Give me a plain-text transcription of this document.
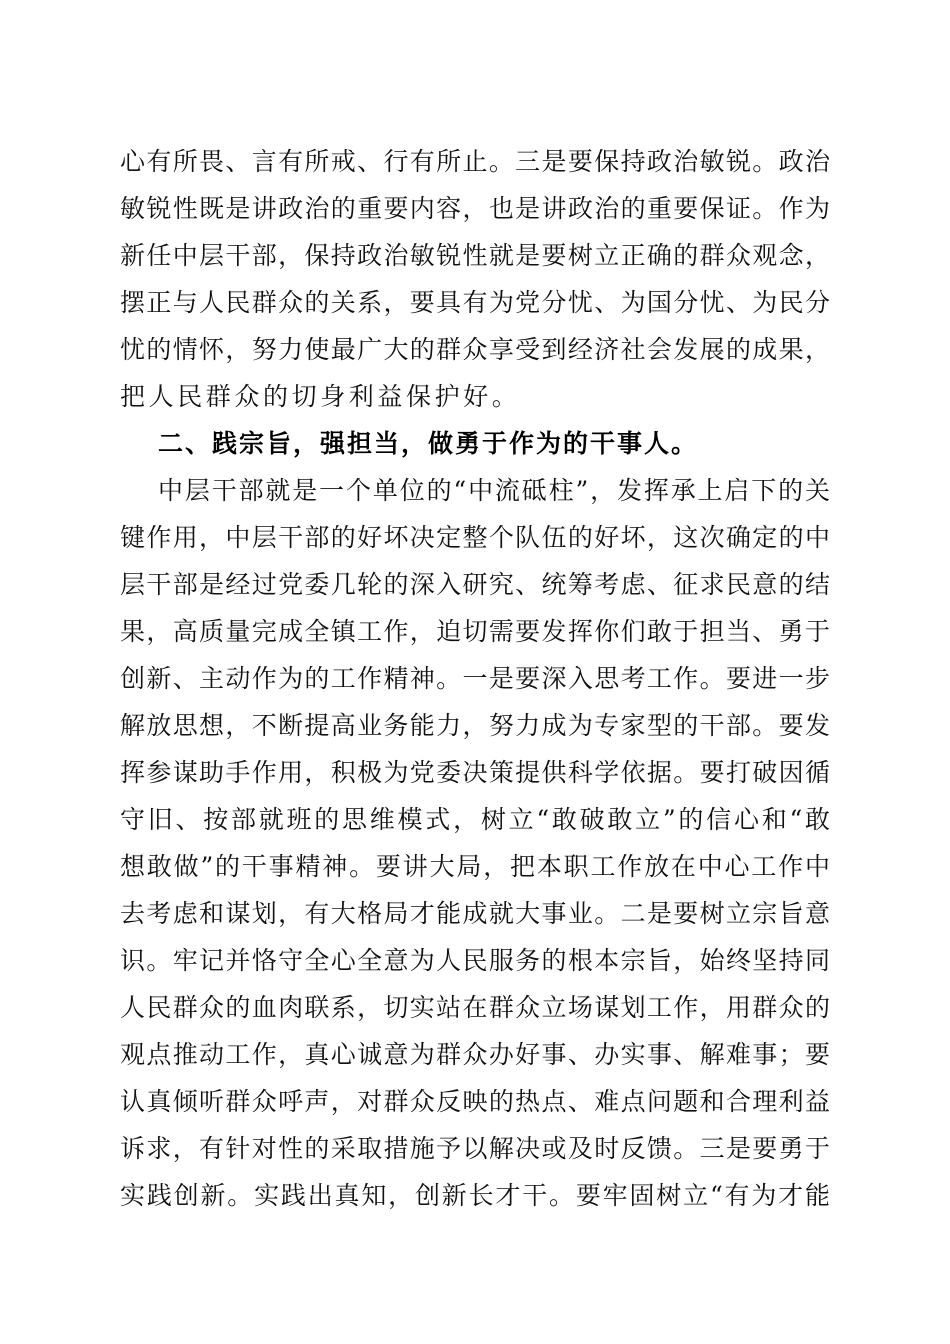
心有所畏、言有所戒、行有所止。三是要保持政治敏锐。政治
敏锐性既是讲政治的重要内容，也是讲政治的重要保证。作为
新任中层干部，保持政治敏锐性就是要树立正确的群众观念，
摆正与人民群众的关系，要具有为党分忧、为国分忧、为民分
忧的情怀，努力使最广大的群众享受到经济社会发展的成果，
把人民群众的切身利益保护好。
二、践宗旨，强担当，做勇于作为的干事人。
中层干部就是一个单位的“中流砥柱”，发挥承上启下的关
键作用，中层干部的好坏决定整个队伍的好坏，这次确定的中
层干部是经过党委几轮的深入研究、统筹考虑、征求民意的结
果，高质量完成全镇工作，迫切需要发挥你们敢于担当、勇于
创新、主动作为的工作精神。一是要深入思考工作。要进一步
解放思想，不断提高业务能力，努力成为专家型的干部。要发
挥参谋助手作用，积极为党委决策提供科学依据。要打破因循
守旧、按部就班的思维模式，树立“敢破敢立”的信心和“敢
想敢做”的干事精神。要讲大局，把本职工作放在中心工作中
去考虑和谋划，有大格局才能成就大事业。二是要树立宗旨意
识。牢记并恪守全心全意为人民服务的根本宗旨，始终坚持同
人民群众的血肉联系，切实站在群众立场谋划工作，用群众的
观点推动工作，真心诚意为群众办好事、办实事、解难事；要
认真倾听群众呼声，对群众反映的热点、难点问题和合理利益
诉求，有针对性的采取措施予以解决或及时反馈。三是要勇于
实践创新。实践出真知，创新长才干。要牢固树立“有为才能
